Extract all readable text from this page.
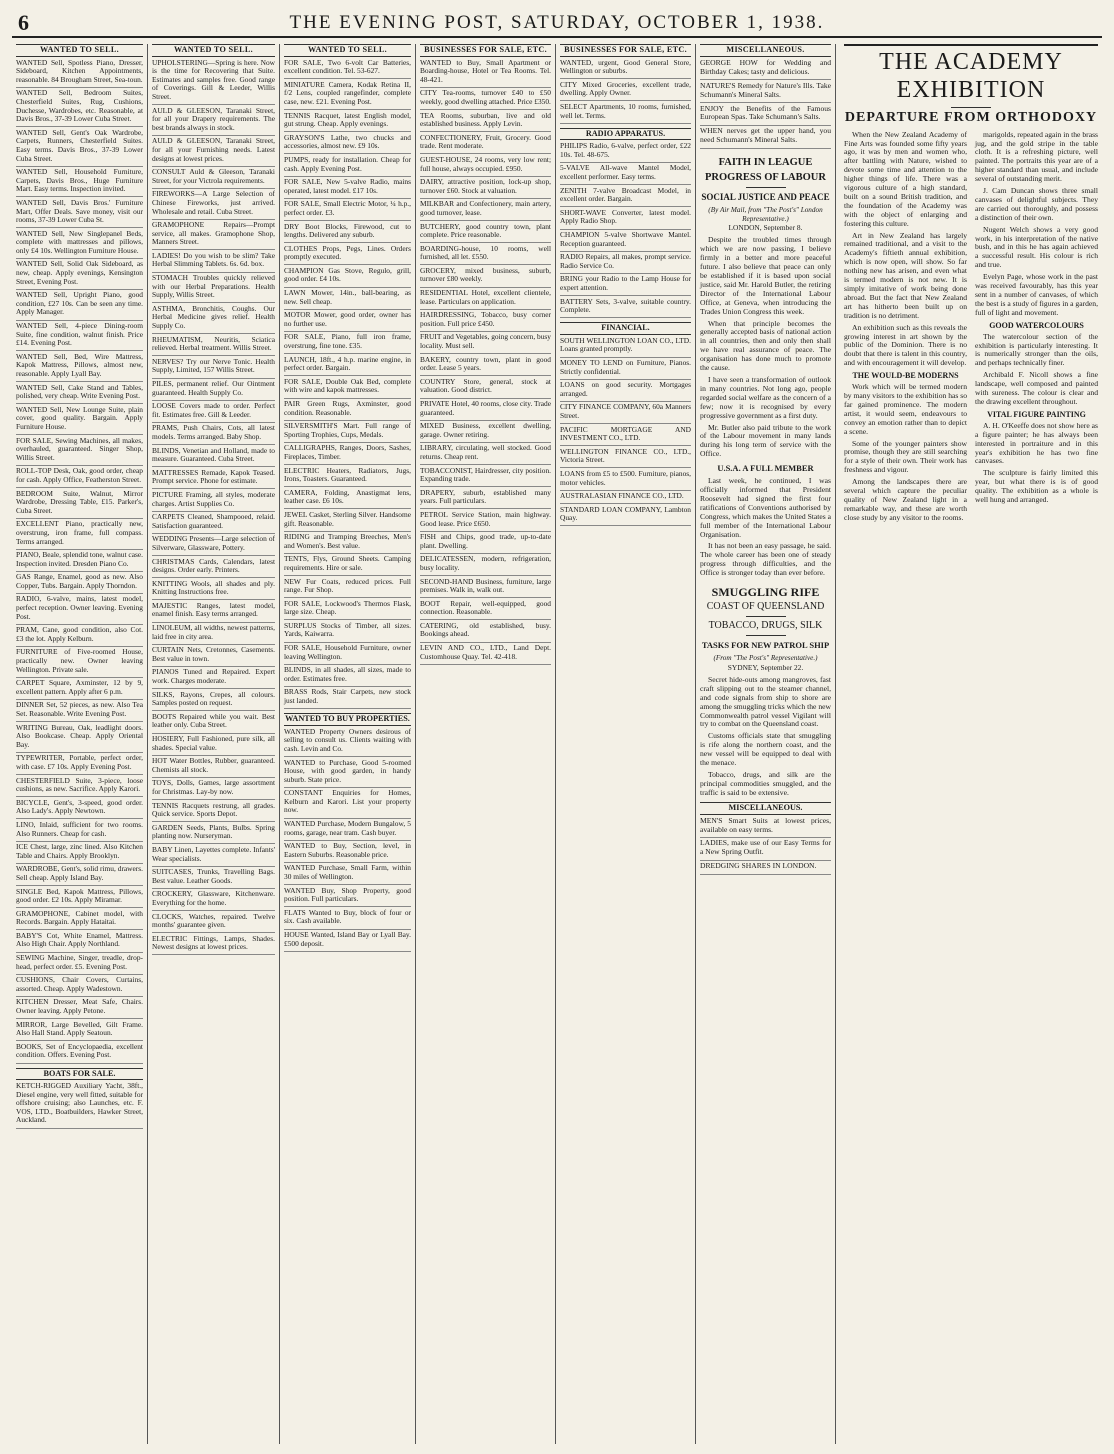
6	THE EVENING POST, SATURDAY, OCTOBER 1, 1938.
WANTED TO SELL.

WANTED Sell, Spotless Piano, Dresser, Sideboard, Kitchen Appointments, reasonable. 84 Brougham Street, Sea-toun.

WANTED Sell, Bedroom Suites, Chesterfield Suites, Rug, Cushions, Duchesse, Wardrobes, etc. Reasonable, at Davis Bros., 37-39 Lower Cuba Street.

WANTED Sell, Gent's Oak Wardrobe, Carpets, Runners, Chesterfield Suites. Easy terms. Davis Bros., 37-39 Lower Cuba Street.

WANTED Sell, Household Furniture, Carpets, Davis Bros., Huge Furniture Mart. Easy terms. Inspection invited.

WANTED Sell, Davis Bros.' Furniture Mart, Offer Deals. Save money, visit our rooms, 37-39 Lower Cuba St.

WANTED Sell, New Singlepanel Beds, complete with mattresses and pillows, only £4 10s. Wellington Furniture House.

WANTED Sell, Solid Oak Sideboard, as new, cheap. Apply evenings, Kensington Street, Evening Post.

WANTED Sell, Upright Piano, good condition, £27 10s. Can be seen any time. Apply Manager.

WANTED Sell, 4-piece Dining-room Suite, fine condition, walnut finish. Price £14. Evening Post.

WANTED Sell, Bed, Wire Mattress, Kapok Mattress, Pillows, almost new, reasonable. Apply Lyall Bay.

WANTED Sell, Cake Stand and Tables, polished, very cheap. Write Evening Post.

WANTED Sell, New Lounge Suite, plain cover, good quality. Bargain. Apply Furniture House.

FOR SALE, Sewing Machines, all makes, overhauled, guaranteed. Singer Shop, Willis Street.

ROLL-TOP Desk, Oak, good order, cheap for cash. Apply Office, Featherston Street.

BEDROOM Suite, Walnut, Mirror Wardrobe, Dressing Table, £15. Parker's, Cuba Street.

EXCELLENT Piano, practically new, overstrung, iron frame, full compass. Terms arranged.

PIANO, Beale, splendid tone, walnut case. Inspection invited. Dresden Piano Co.

GAS Range, Enamel, good as new. Also Copper, Tubs. Bargain. Apply Thorndon.

RADIO, 6-valve, mains, latest model, perfect reception. Owner leaving. Evening Post.

PRAM, Cane, good condition, also Cot. £3 the lot. Apply Kelburn.

FURNITURE of Five-roomed House, practically new. Owner leaving Wellington. Private sale.

CARPET Square, Axminster, 12 by 9, excellent pattern. Apply after 6 p.m.

DINNER Set, 52 pieces, as new. Also Tea Set. Reasonable. Write Evening Post.

WRITING Bureau, Oak, leadlight doors. Also Bookcase. Cheap. Apply Oriental Bay.

TYPEWRITER, Portable, perfect order, with case. £7 10s. Apply Evening Post.

CHESTERFIELD Suite, 3-piece, loose cushions, as new. Sacrifice. Apply Karori.

BICYCLE, Gent's, 3-speed, good order. Also Lady's. Apply Newtown.

LINO, Inlaid, sufficient for two rooms. Also Runners. Cheap for cash.

ICE Chest, large, zinc lined. Also Kitchen Table and Chairs. Apply Brooklyn.

WARDROBE, Gent's, solid rimu, drawers. Sell cheap. Apply Island Bay.

SINGLE Bed, Kapok Mattress, Pillows, good order. £2 10s. Apply Miramar.

GRAMOPHONE, Cabinet model, with Records. Bargain. Apply Hataitai.

BABY'S Cot, White Enamel, Mattress. Also High Chair. Apply Northland.

SEWING Machine, Singer, treadle, drop-head, perfect order. £5. Evening Post.

CUSHIONS, Chair Covers, Curtains, assorted. Cheap. Apply Wadestown.

KITCHEN Dresser, Meat Safe, Chairs. Owner leaving. Apply Petone.

MIRROR, Large Bevelled, Gilt Frame. Also Hall Stand. Apply Seatoun.

BOOKS, Set of Encyclopaedia, excellent condition. Offers. Evening Post.

BOATS FOR SALE.

KETCH-RIGGED Auxiliary Yacht, 38ft., Diesel engine, very well fitted, suitable for offshore cruising; also Launches, etc. F. VOS, LTD., Boatbuilders, Hawker Street, Auckland.

WANTED TO SELL.

UPHOLSTERING—Spring is here. Now is the time for Recovering that Suite. Estimates and samples free. Good range of Coverings. Gill & Leeder, Willis Street.

AULD & GLEESON, Taranaki Street, for all your Drapery requirements. The best brands always in stock.

AULD & GLEESON, Taranaki Street, for all your Furnishing needs. Latest designs at lowest prices.

CONSULT Auld & Gleeson, Taranaki Street, for your Victrola requirements.

FIREWORKS—A Large Selection of Chinese Fireworks, just arrived. Wholesale and retail. Cuba Street.

GRAMOPHONE Repairs—Prompt service, all makes. Gramophone Shop, Manners Street.

LADIES! Do you wish to be slim? Take Herbal Slimming Tablets. 6s. 6d. box.

STOMACH Troubles quickly relieved with our Herbal Preparations. Health Supply, Willis Street.

ASTHMA, Bronchitis, Coughs. Our Herbal Medicine gives relief. Health Supply Co.

RHEUMATISM, Neuritis, Sciatica relieved. Herbal treatment. Willis Street.

NERVES? Try our Nerve Tonic. Health Supply, Limited, 157 Willis Street.

PILES, permanent relief. Our Ointment guaranteed. Health Supply Co.

LOOSE Covers made to order. Perfect fit. Estimates free. Gill & Leeder.

PRAMS, Push Chairs, Cots, all latest models. Terms arranged. Baby Shop.

BLINDS, Venetian and Holland, made to measure. Guaranteed. Cuba Street.

MATTRESSES Remade, Kapok Teased. Prompt service. Phone for estimate.

PICTURE Framing, all styles, moderate charges. Artist Supplies Co.

CARPETS Cleaned, Shampooed, relaid. Satisfaction guaranteed.

WEDDING Presents—Large selection of Silverware, Glassware, Pottery.

CHRISTMAS Cards, Calendars, latest designs. Order early. Printers.

KNITTING Wools, all shades and ply. Knitting Instructions free.

MAJESTIC Ranges, latest model, enamel finish. Easy terms arranged.

LINOLEUM, all widths, newest patterns, laid free in city area.

CURTAIN Nets, Cretonnes, Casements. Best value in town.

PIANOS Tuned and Repaired. Expert work. Charges moderate.

SILKS, Rayons, Crepes, all colours. Samples posted on request.

BOOTS Repaired while you wait. Best leather only. Cuba Street.

HOSIERY, Full Fashioned, pure silk, all shades. Special value.

HOT Water Bottles, Rubber, guaranteed. Chemists all stock.

TOYS, Dolls, Games, large assortment for Christmas. Lay-by now.

TENNIS Racquets restrung, all grades. Quick service. Sports Depot.

GARDEN Seeds, Plants, Bulbs. Spring planting now. Nurseryman.

BABY Linen, Layettes complete. Infants' Wear specialists.

SUITCASES, Trunks, Travelling Bags. Best value. Leather Goods.

CROCKERY, Glassware, Kitchenware. Everything for the home.

CLOCKS, Watches, repaired. Twelve months' guarantee given.

ELECTRIC Fittings, Lamps, Shades. Newest designs at lowest prices.

WANTED TO SELL.

FOR SALE, Two 6-volt Car Batteries, excellent condition. Tel. 53-627.

MINIATURE Camera, Kodak Retina II, f/2 Lens, coupled rangefinder, complete case, new. £21. Evening Post.

TENNIS Racquet, latest English model, gut strung. Cheap. Apply evenings.

GRAYSON'S Lathe, two chucks and accessories, almost new. £9 10s.

PUMPS, ready for installation. Cheap for cash. Apply Evening Post.

FOR SALE, New 5-valve Radio, mains operated, latest model. £17 10s.

FOR SALE, Small Electric Motor, ¼ h.p., perfect order. £3.

DRY Boot Blocks, Firewood, cut to lengths. Delivered any suburb.

CLOTHES Props, Pegs, Lines. Orders promptly executed.

CHAMPION Gas Stove, Regulo, grill, good order. £4 10s.

LAWN Mower, 14in., ball-bearing, as new. Sell cheap.

MOTOR Mower, good order, owner has no further use.

FOR SALE, Piano, full iron frame, overstrung, fine tone. £35.

LAUNCH, 18ft., 4 h.p. marine engine, in perfect order. Bargain.

FOR SALE, Double Oak Bed, complete with wire and kapok mattresses.

PAIR Green Rugs, Axminster, good condition. Reasonable.

SILVERSMITH'S Mart. Full range of Sporting Trophies, Cups, Medals.

CALLIGRAPHS, Ranges, Doors, Sashes, Fireplaces, Timber.

ELECTRIC Heaters, Radiators, Jugs, Irons, Toasters. Guaranteed.

CAMERA, Folding, Anastigmat lens, leather case. £6 10s.

JEWEL Casket, Sterling Silver. Handsome gift. Reasonable.

RIDING and Tramping Breeches, Men's and Women's. Best value.

TENTS, Flys, Ground Sheets. Camping requirements. Hire or sale.

NEW Fur Coats, reduced prices. Full range. Fur Shop.

FOR SALE, Lockwood's Thermos Flask, large size. Cheap.

SURPLUS Stocks of Timber, all sizes. Yards, Kaiwarra.

FOR SALE, Household Furniture, owner leaving Wellington.

BLINDS, in all shades, all sizes, made to order. Estimates free.

BRASS Rods, Stair Carpets, new stock just landed.

WANTED TO BUY PROPERTIES.

WANTED Property Owners desirous of selling to consult us. Clients waiting with cash. Levin and Co.

WANTED to Purchase, Good 5-roomed House, with good garden, in handy suburb. State price.

CONSTANT Enquiries for Homes, Kelburn and Karori. List your property now.

WANTED Purchase, Modern Bungalow, 5 rooms, garage, near tram. Cash buyer.

WANTED to Buy, Section, level, in Eastern Suburbs. Reasonable price.

WANTED Purchase, Small Farm, within 30 miles of Wellington.

WANTED Buy, Shop Property, good position. Full particulars.

FLATS Wanted to Buy, block of four or six. Cash available.

HOUSE Wanted, Island Bay or Lyall Bay. £500 deposit.

BUSINESSES FOR SALE, ETC.

WANTED to Buy, Small Apartment or Boarding-house, Hotel or Tea Rooms. Tel. 48-421.

CITY Tea-rooms, turnover £40 to £50 weekly, good dwelling attached. Price £350.

TEA Rooms, suburban, live and old established business. Apply Levin.

CONFECTIONERY, Fruit, Grocery. Good trade. Rent moderate.

GUEST-HOUSE, 24 rooms, very low rent; full house, always occupied. £950.

DAIRY, attractive position, lock-up shop, turnover £60. Stock at valuation.

MILKBAR and Confectionery, main artery, good turnover, lease.

BUTCHERY, good country town, plant complete. Price reasonable.

BOARDING-house, 10 rooms, well furnished, all let. £550.

GROCERY, mixed business, suburb, turnover £80 weekly.

RESIDENTIAL Hotel, excellent clientele, lease. Particulars on application.

HAIRDRESSING, Tobacco, busy corner position. Full price £450.

FRUIT and Vegetables, going concern, busy locality. Must sell.

BAKERY, country town, plant in good order. Lease 5 years.

COUNTRY Store, general, stock at valuation. Good district.

PRIVATE Hotel, 40 rooms, close city. Trade guaranteed.

MIXED Business, excellent dwelling, garage. Owner retiring.

LIBRARY, circulating, well stocked. Good returns. Cheap rent.

TOBACCONIST, Hairdresser, city position. Expanding trade.

DRAPERY, suburb, established many years. Full particulars.

PETROL Service Station, main highway. Good lease. Price £650.

FISH and Chips, good trade, up-to-date plant. Dwelling.

DELICATESSEN, modern, refrigeration, busy locality.

SECOND-HAND Business, furniture, large premises. Walk in, walk out.

BOOT Repair, well-equipped, good connection. Reasonable.

CATERING, old established, busy. Bookings ahead.

LEVIN AND CO., LTD., Land Dept. Customhouse Quay. Tel. 42-418.

BUSINESSES FOR SALE, ETC.

WANTED, urgent, Good General Store, Wellington or suburbs.

CITY Mixed Groceries, excellent trade, dwelling. Apply Owner.

SELECT Apartments, 10 rooms, furnished, well let. Terms.

RADIO APPARATUS.

PHILIPS Radio, 6-valve, perfect order, £22 10s. Tel. 48-675.

5-VALVE All-wave Mantel Model, excellent performer. Easy terms.

ZENITH 7-valve Broadcast Model, in excellent order. Bargain.

SHORT-WAVE Converter, latest model. Apply Radio Shop.

CHAMPION 5-valve Shortwave Mantel. Reception guaranteed.

RADIO Repairs, all makes, prompt service. Radio Service Co.

BRING your Radio to the Lamp House for expert attention.

BATTERY Sets, 3-valve, suitable country. Complete.

FINANCIAL.

SOUTH WELLINGTON LOAN CO., LTD. Loans granted promptly.

MONEY TO LEND on Furniture, Pianos. Strictly confidential.

LOANS on good security. Mortgages arranged.

CITY FINANCE COMPANY, 60a Manners Street.

PACIFIC MORTGAGE AND INVESTMENT CO., LTD.

WELLINGTON FINANCE CO., LTD., Victoria Street.

LOANS from £5 to £500. Furniture, pianos, motor vehicles.

AUSTRALASIAN FINANCE CO., LTD.

STANDARD LOAN COMPANY, Lambton Quay.

MISCELLANEOUS.

GEORGE HOW for Wedding and Birthday Cakes; tasty and delicious.

NATURE'S Remedy for Nature's Ills. Take Schumann's Mineral Salts.

ENJOY the Benefits of the Famous European Spas. Take Schumann's Salts.

WHEN nerves get the upper hand, you need Schumann's Mineral Salts.

FAITH IN LEAGUE
PROGRESS OF LABOUR
SOCIAL JUSTICE AND PEACE
(By Air Mail, from "The Post's" London Representative.)
LONDON, September 8.

Despite the troubled times through which we are now passing, I believe firmly in a better and more peaceful future. I also believe that peace can only be established if it is based upon social justice, said Mr. Harold Butler, the retiring Director of the International Labour Office, at Geneva, when introducing the Trades Union Congress this week.

When that principle becomes the generally accepted basis of national action in all countries, then and only then shall we have real assurance of peace. The organisation has done much to promote the cause.

I have seen a transformation of outlook in many countries. Not long ago, people regarded social welfare as the concern of a few; now it is recognised by every progressive government as a first duty.

Mr. Butler also paid tribute to the work of the Labour movement in many lands during his long term of service with the Office.

U.S.A. A FULL MEMBER

Last week, he continued, I was officially informed that President Roosevelt had signed the first four ratifications of Conventions authorised by Congress, which makes the United States a full member of the International Labour Organisation.

It has not been an easy passage, he said. The whole career has been one of steady progress through difficulties, and the Office is stronger today than ever before.

SMUGGLING RIFE
COAST OF QUEENSLAND
TOBACCO, DRUGS, SILK
TASKS FOR NEW PATROL SHIP
(From "The Post's" Representative.)
SYDNEY, September 22.

Secret hide-outs among mangroves, fast craft slipping out to the steamer channel, and code signals from ship to shore are among the smuggling tricks which the new Commonwealth patrol vessel Vigilant will try to combat on the Queensland coast.

Customs officials state that smuggling is rife along the northern coast, and the new vessel will be equipped to deal with the menace.

Tobacco, drugs, and silk are the principal commodities smuggled, and the traffic is said to be extensive.

MISCELLANEOUS.

MEN'S Smart Suits at lowest prices, available on easy terms.

LADIES, make use of our Easy Terms for a New Spring Outfit.

DREDGING SHARES IN LONDON.

THE ACADEMY EXHIBITION
DEPARTURE FROM ORTHODOXY

When the New Zealand Academy of Fine Arts was founded some fifty years ago, it was by men and women who, after battling with Nature, wished to devote some time and attention to the higher things of life. There was a vigorous culture of a high standard, built on a sound British tradition, and the foundation of the Academy was with the object of enlarging and fostering this culture.

Art in New Zealand has largely remained traditional, and a visit to the Academy's fiftieth annual exhibition, which is now open, will show. So far nothing new has arisen, and even what is termed modern is not new. It is simply imitative of work being done abroad. But the fact that New Zealand art has hitherto been built up on tradition is no detriment.

An exhibition such as this reveals the growing interest in art shown by the public of the Dominion. There is no doubt that there is talent in this country, and with encouragement it will develop.

THE WOULD-BE MODERNS

Work which will be termed modern by many visitors to the exhibition has so far gained prominence. The modern artist, it would seem, endeavours to convey an emotion rather than to depict a scene.

Some of the younger painters show promise, though they are still searching for a style of their own. Their work has freshness and vigour.

Among the landscapes there are several which capture the peculiar quality of New Zealand light in a remarkable way, and these are worth close study by any visitor to the rooms.

marigolds, repeated again in the brass jug, and the gold stripe in the table cloth. It is a refreshing picture, well painted. The portraits this year are of a higher standard than usual, and include several of outstanding merit.

J. Cam Duncan shows three small canvases of delightful subjects. They are carried out thoroughly, and possess a distinction of their own.

Nugent Welch shows a very good work, in his interpretation of the native bush, and in this he has again achieved a successful result. His colour is rich and true.

Evelyn Page, whose work in the past was received favourably, has this year sent in a number of canvases, of which the best is a study of figures in a garden, full of light and movement.

GOOD WATERCOLOURS

The watercolour section of the exhibition is particularly interesting. It is numerically stronger than the oils, and perhaps technically finer.

Archibald F. Nicoll shows a fine landscape, well composed and painted with sureness. The colour is clear and the drawing excellent throughout.

VITAL FIGURE PAINTING

A. H. O'Keeffe does not show here as a figure painter; he has always been interested in portraiture and in this year's exhibition he has two fine canvases.

The sculpture is fairly limited this year, but what there is is of good quality. The exhibition as a whole is well hung and arranged.
